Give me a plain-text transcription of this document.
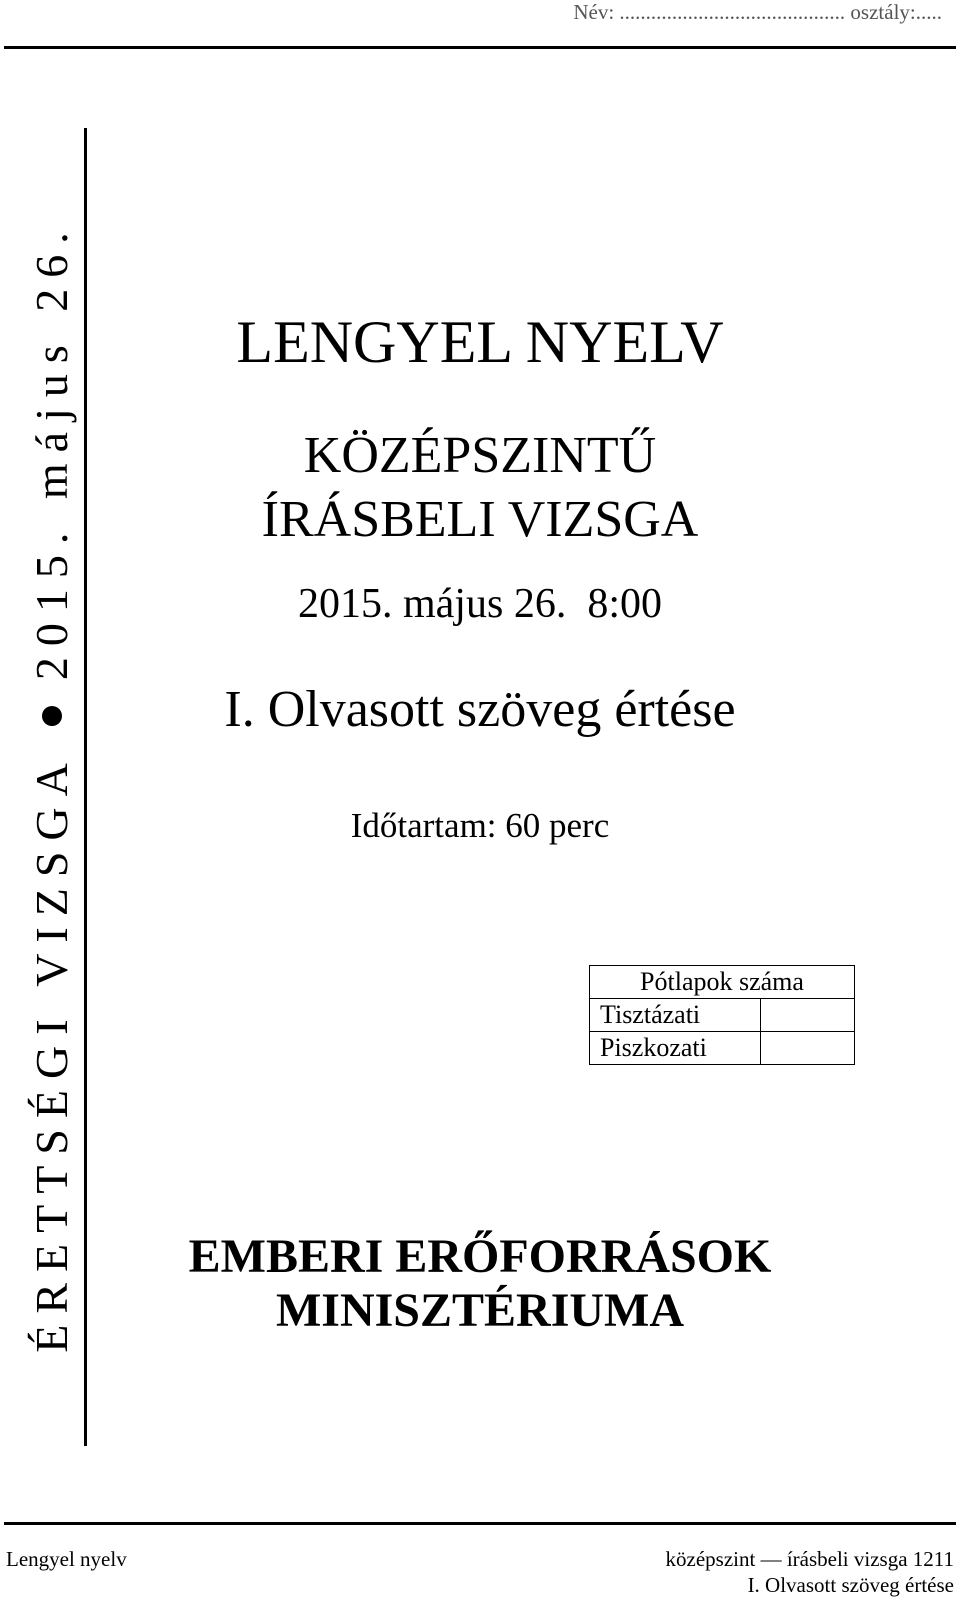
Név: ........................................... osztály:.....
ÉRETTSÉGI VIZSGA
2015. május 26.	LENGYEL NYELV
KÖZÉPSZINTŰ
ÍRÁSBELI VIZSGA
2015. május 26. 8:00
I. Olvasott szöveg értése
Időtartam: 60 perc
Pótlapok száma	
Tisztázati	
Piszkozati	
EMBERI ERŐFORRÁSOK
MINISZTÉRIUMA
Lengyel nyelv	középszint — írásbeli vizsga 1211
I. Olvasott szöveg értése
